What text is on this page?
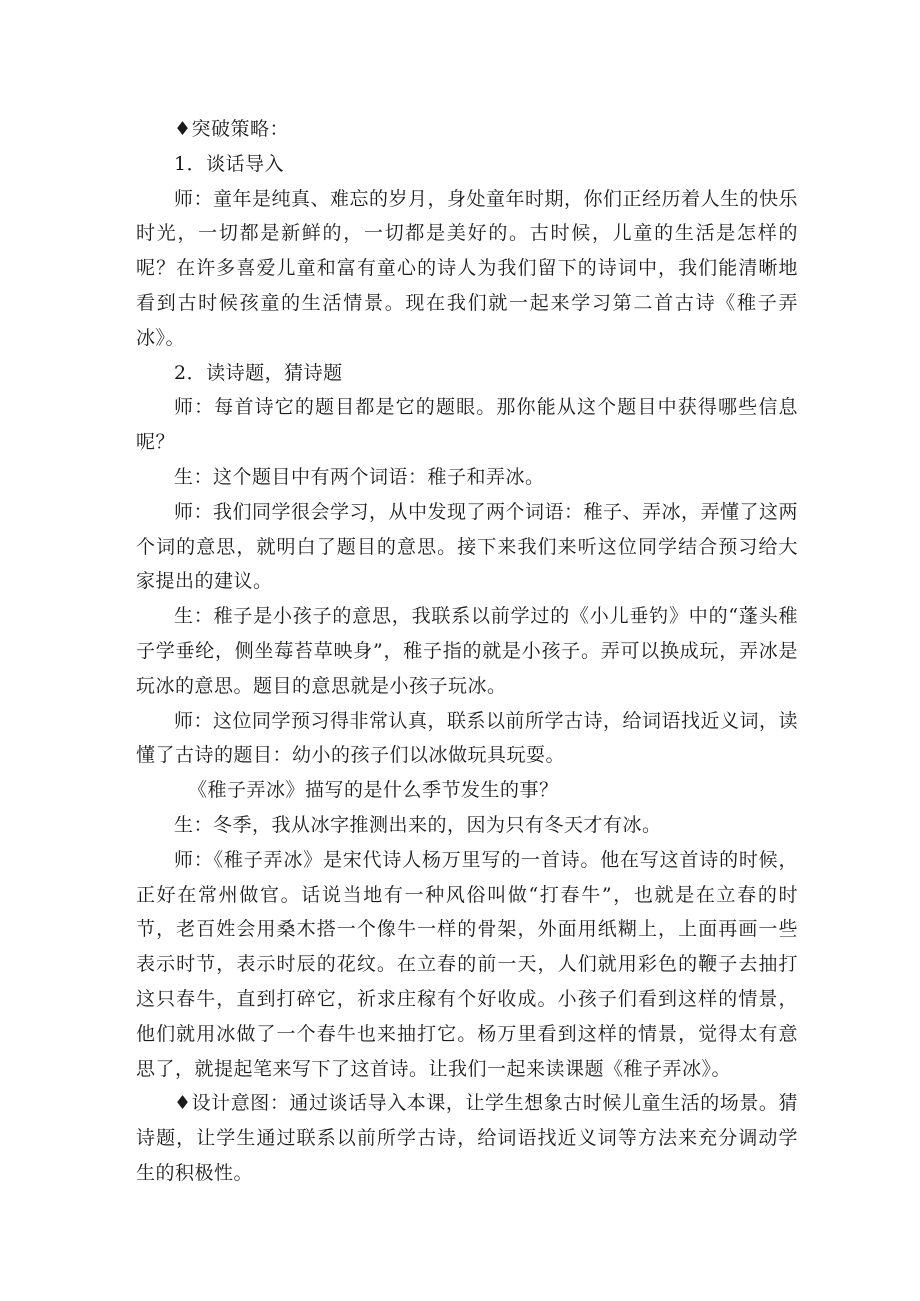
♦突破策略：

1．谈话导入

师：童年是纯真、难忘的岁月，身处童年时期，你们正经历着人生的快乐时光，一切都是新鲜的，一切都是美好的。古时候，儿童的生活是怎样的呢？在许多喜爱儿童和富有童心的诗人为我们留下的诗词中，我们能清晰地看到古时候孩童的生活情景。现在我们就一起来学习第二首古诗《稚子弄冰》。

2．读诗题，猜诗题

师：每首诗它的题目都是它的题眼。那你能从这个题目中获得哪些信息呢？

生：这个题目中有两个词语：稚子和弄冰。

师：我们同学很会学习，从中发现了两个词语：稚子、弄冰，弄懂了这两个词的意思，就明白了题目的意思。接下来我们来听这位同学结合预习给大家提出的建议。

生：稚子是小孩子的意思，我联系以前学过的《小儿垂钓》中的“蓬头稚子学垂纶，侧坐莓苔草映身”，稚子指的就是小孩子。弄可以换成玩，弄冰是玩冰的意思。题目的意思就是小孩子玩冰。

师：这位同学预习得非常认真，联系以前所学古诗，给词语找近义词，读懂了古诗的题目：幼小的孩子们以冰做玩具玩耍。

《稚子弄冰》描写的是什么季节发生的事？

生：冬季，我从冰字推测出来的，因为只有冬天才有冰。

师：《稚子弄冰》是宋代诗人杨万里写的一首诗。他在写这首诗的时候，正好在常州做官。话说当地有一种风俗叫做“打春牛”，也就是在立春的时节，老百姓会用桑木搭一个像牛一样的骨架，外面用纸糊上，上面再画一些表示时节，表示时辰的花纹。在立春的前一天，人们就用彩色的鞭子去抽打这只春牛，直到打碎它，祈求庄稼有个好收成。小孩子们看到这样的情景，他们就用冰做了一个春牛也来抽打它。杨万里看到这样的情景，觉得太有意思了，就提起笔来写下了这首诗。让我们一起来读课题《稚子弄冰》。

♦设计意图：通过谈话导入本课，让学生想象古时候儿童生活的场景。猜诗题，让学生通过联系以前所学古诗，给词语找近义词等方法来充分调动学生的积极性。
